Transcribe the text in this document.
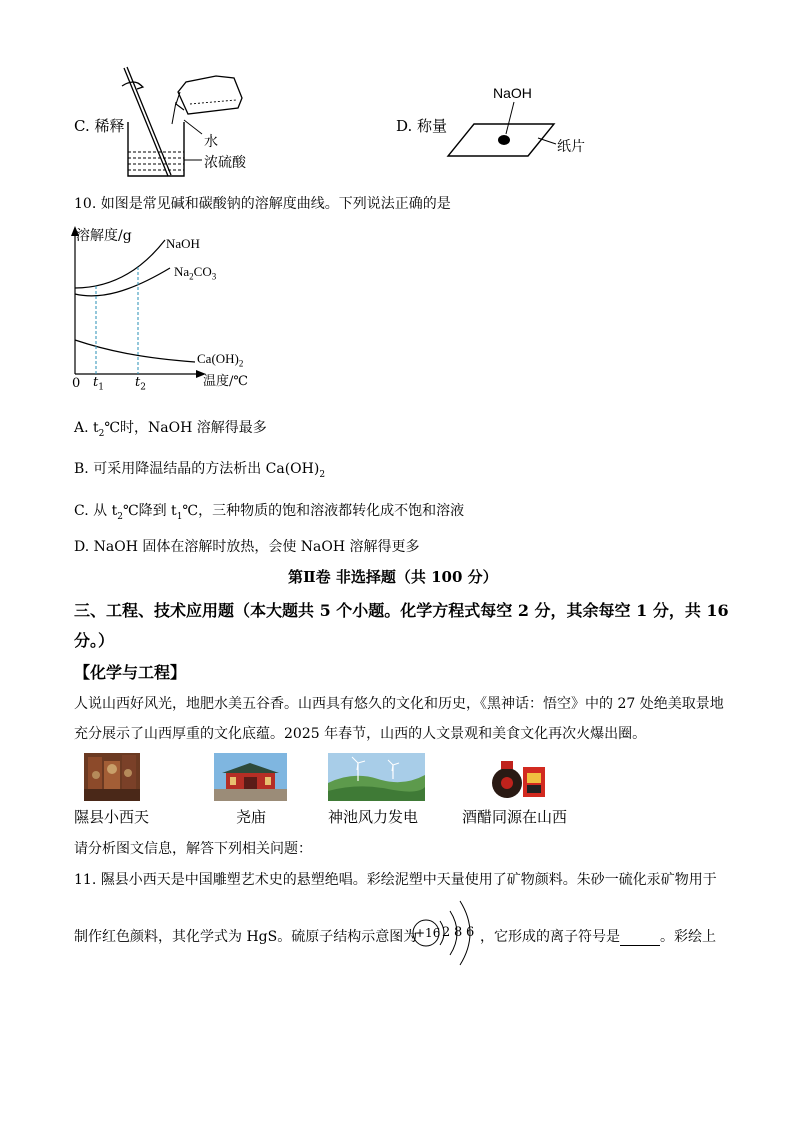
C. 稀释
水
浓硫酸
D. 称量
NaOH
纸片
10. 如图是常见碱和碳酸钠的溶解度曲线。下列说法正确的是
溶解度/g	NaOH
$Na_2CO_3$
$Ca(OH)_2$
温度/℃
0 $t_1$ $t_2$
A. $t_2℃$时，NaOH 溶解得最多
B. 可采用降温结晶的方法析出 $Ca(OH)_2$
C. 从 $t_2℃$降到 $t_1℃$，三种物质的饱和溶液都转化成不饱和溶液
D. NaOH 固体在溶解时放热，会使 NaOH 溶解得更多
第Ⅱ卷 非选择题（共 100 分）
三、工程、技术应用题（本大题共 5 个小题。化学方程式每空 2 分，其余每空 1 分，共 16
分。）
【化学与工程】
人说山西好风光，地肥水美五谷香。山西具有悠久的文化和历史，《黑神话：悟空》中的 27 处绝美取景地
充分展示了山西厚重的文化底蕴。2025 年春节，山西的人文景观和美食文化再次火爆出圈。
隰县小西天	尧庙	神池风力发电	酒醋同源在山西
请分析图文信息，解答下列相关问题：
11. 隰县小西天是中国雕塑艺术史的悬塑绝唱。彩绘泥塑中天量使用了矿物颜料。朱砂一硫化汞矿物用于
制作红色颜料，其化学式为 HgS。硫原子结构示意图为
+16 2 8 6 ，它形成的离子符号是	。彩绘上
